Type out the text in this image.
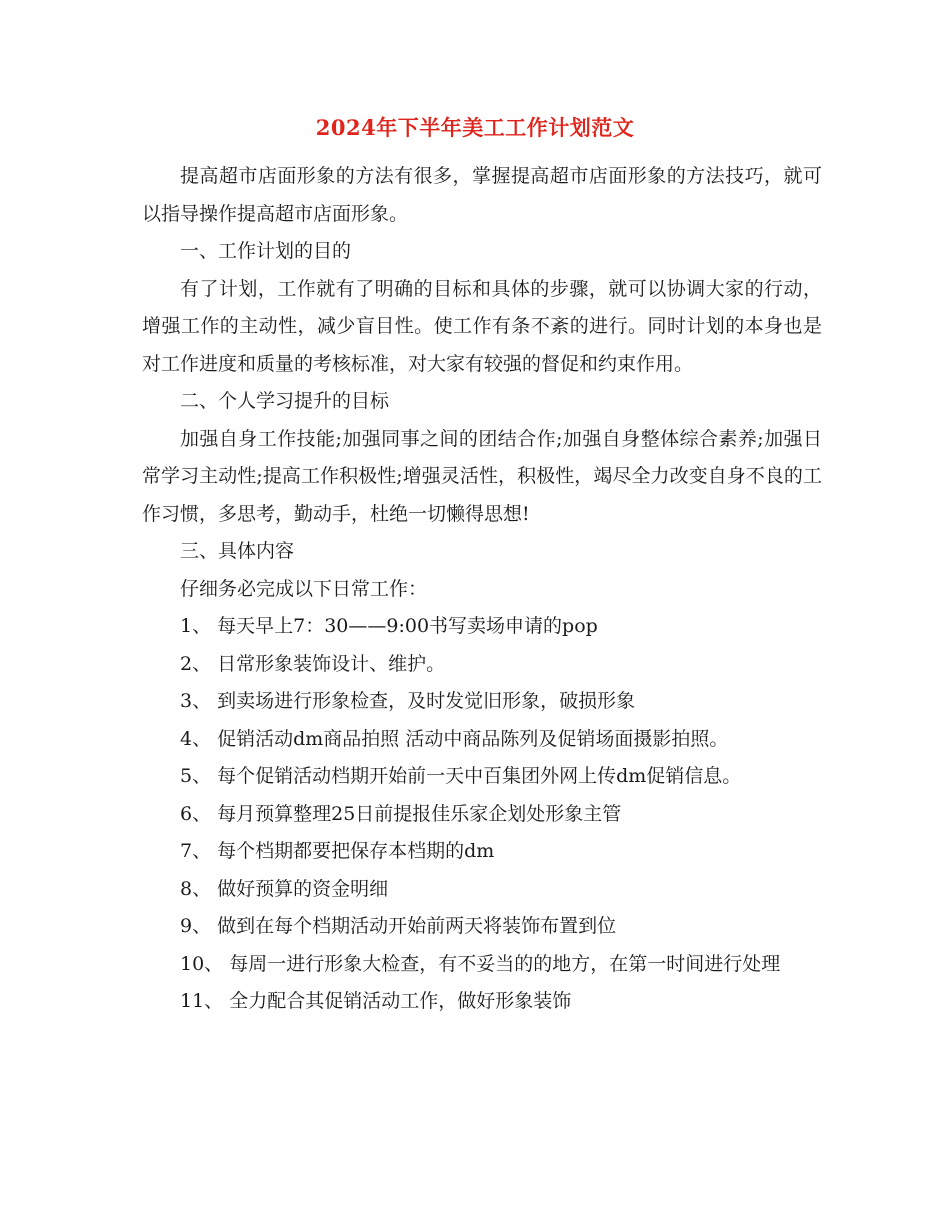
2024年下半年美工工作计划范文

提高超市店面形象的方法有很多，掌握提高超市店面形象的方法技巧，就可以指导操作提高超市店面形象。

一、工作计划的目的

有了计划，工作就有了明确的目标和具体的步骤，就可以协调大家的行动，增强工作的主动性，减少盲目性。使工作有条不紊的进行。同时计划的本身也是对工作进度和质量的考核标准，对大家有较强的督促和约束作用。

二、个人学习提升的目标

加强自身工作技能;加强同事之间的团结合作;加强自身整体综合素养;加强日常学习主动性;提高工作积极性;增强灵活性，积极性，竭尽全力改变自身不良的工作习惯，多思考，勤动手，杜绝一切懒得思想!

三、具体内容

仔细务必完成以下日常工作：

1、 每天早上7：30——9:00书写卖场申请的pop

2、 日常形象装饰设计、维护。

3、 到卖场进行形象检查，及时发觉旧形象，破损形象

4、 促销活动dm商品拍照 活动中商品陈列及促销场面摄影拍照。

5、 每个促销活动档期开始前一天中百集团外网上传dm促销信息。

6、 每月预算整理25日前提报佳乐家企划处形象主管

7、 每个档期都要把保存本档期的dm

8、 做好预算的资金明细

9、 做到在每个档期活动开始前两天将装饰布置到位

10、 每周一进行形象大检查，有不妥当的的地方，在第一时间进行处理

11、 全力配合其促销活动工作，做好形象装饰
